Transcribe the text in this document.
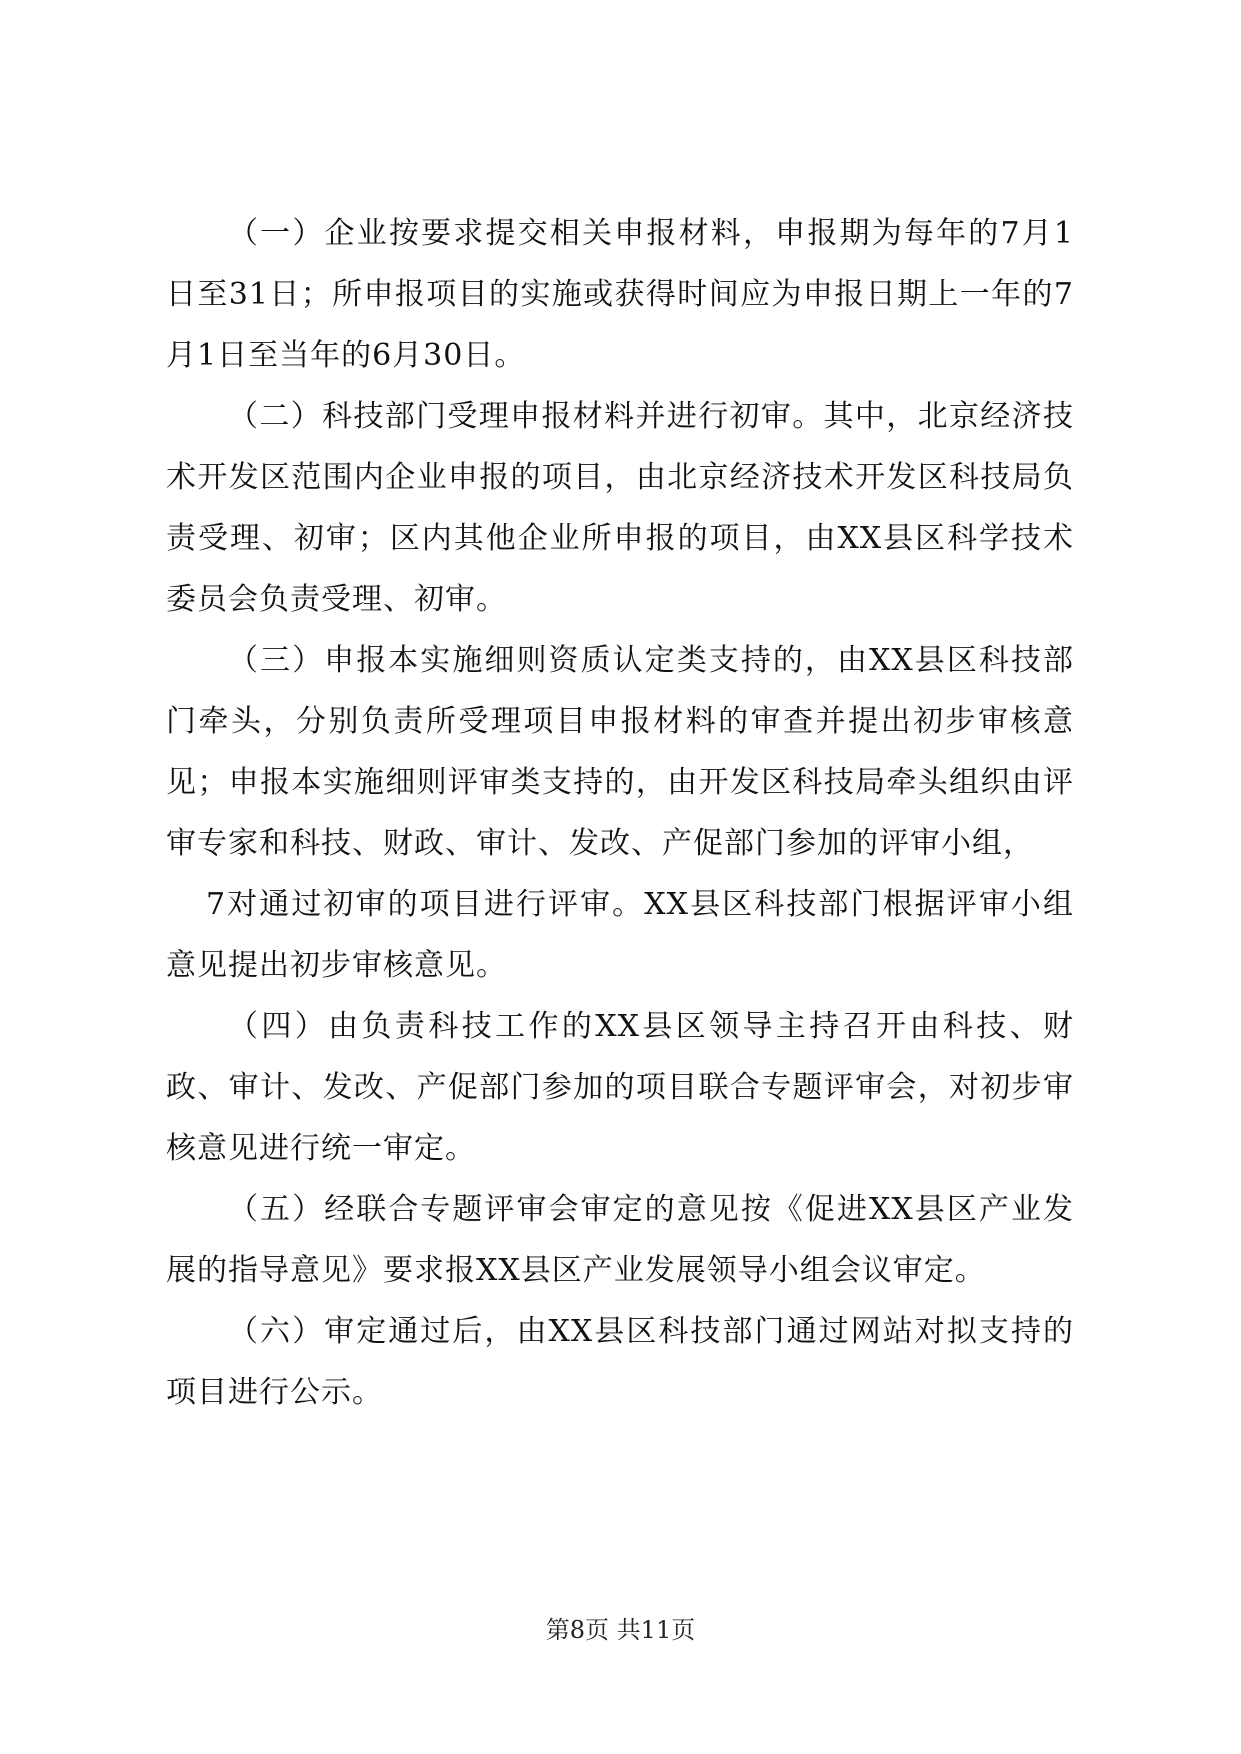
（一）企业按要求提交相关申报材料，申报期为每年的7月1日至31日；所申报项目的实施或获得时间应为申报日期上一年的7月1日至当年的6月30日。

（二）科技部门受理申报材料并进行初审。其中，北京经济技术开发区范围内企业申报的项目，由北京经济技术开发区科技局负责受理、初审；区内其他企业所申报的项目，由XX县区科学技术委员会负责受理、初审。

（三）申报本实施细则资质认定类支持的，由XX县区科技部门牵头，分别负责所受理项目申报材料的审查并提出初步审核意见；申报本实施细则评审类支持的，由开发区科技局牵头组织由评审专家和科技、财政、审计、发改、产促部门参加的评审小组，

7对通过初审的项目进行评审。XX县区科技部门根据评审小组意见提出初步审核意见。

（四）由负责科技工作的XX县区领导主持召开由科技、财政、审计、发改、产促部门参加的项目联合专题评审会，对初步审核意见进行统一审定。

（五）经联合专题评审会审定的意见按《促进XX县区产业发展的指导意见》要求报XX县区产业发展领导小组会议审定。

（六）审定通过后，由XX县区科技部门通过网站对拟支持的项目进行公示。

第8页 共11页
